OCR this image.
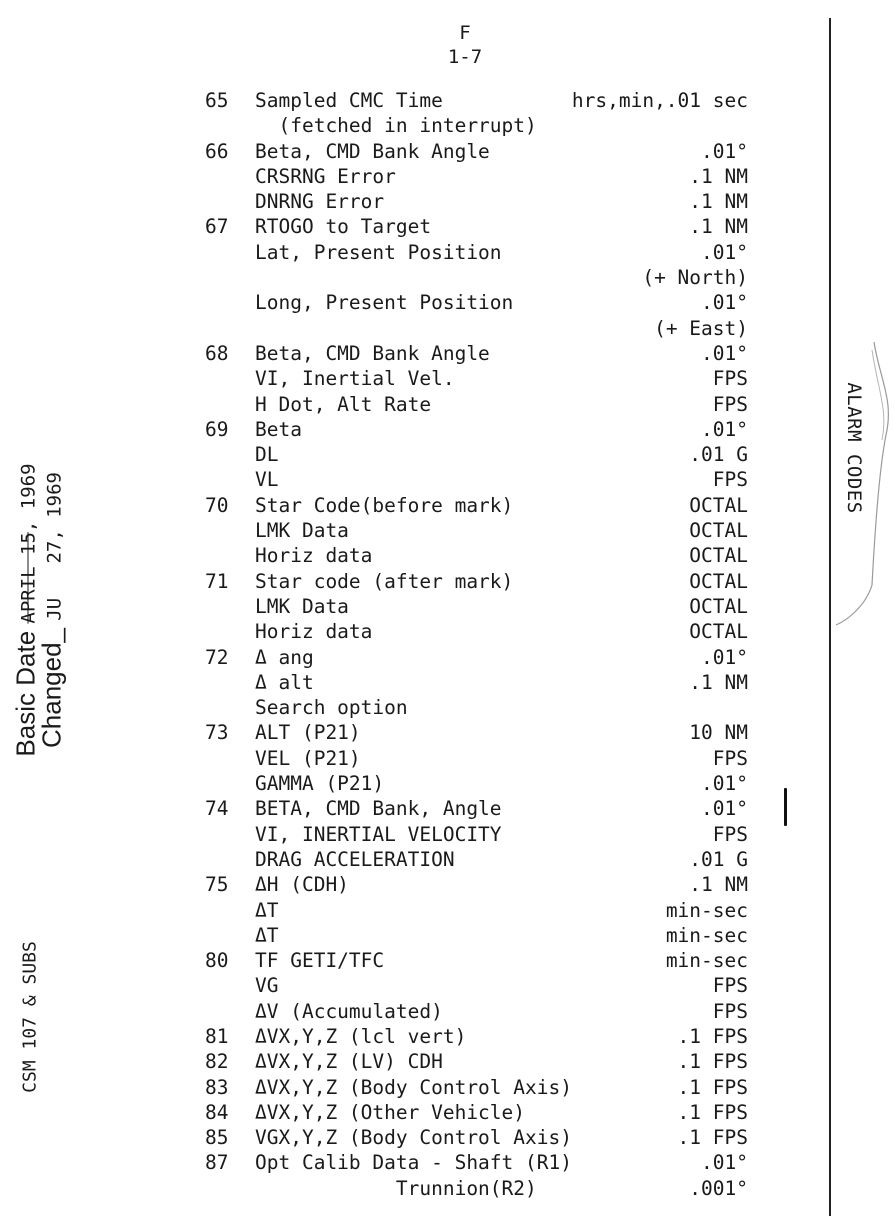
F
1-7
65	Sampled CMC Time	hrs,min,.01 sec
(fetched in interrupt)
66	Beta, CMD Bank Angle	.01°
CRSRNG Error	.1 NM
DNRNG Error	.1 NM
67	RTOGO to Target	.1 NM
Lat, Present Position	.01°
(+ North)
Long, Present Position	.01°
(+ East)
68	Beta, CMD Bank Angle	.01°
VI, Inertial Vel.	FPS
H Dot, Alt Rate	FPS
69	Beta	.01°
DL	.01 G
VL	FPS
70	Star Code(before mark)	OCTAL
LMK Data	OCTAL
Horiz data	OCTAL
71	Star code (after mark)	OCTAL
LMK Data	OCTAL
Horiz data	OCTAL
72	Δ ang	.01°
Δ alt	.1 NM
Search option
73	ALT (P21)	10 NM
VEL (P21)	FPS
GAMMA (P21)	.01°
74	BETA, CMD Bank, Angle	.01°
VI, INERTIAL VELOCITY	FPS
DRAG ACCELERATION	.01 G
75	ΔH (CDH)	.1 NM
ΔT	min-sec
ΔT	min-sec
80	TF GETI/TFC	min-sec
VG	FPS
ΔV (Accumulated)	FPS
81	ΔVX,Y,Z (lcl vert)	.1 FPS
82	ΔVX,Y,Z (LV) CDH	.1 FPS
83	ΔVX,Y,Z (Body Control Axis)	.1 FPS
84	ΔVX,Y,Z (Other Vehicle)	.1 FPS
85	VGX,Y,Z (Body Control Axis)	.1 FPS
87	Opt Calib Data - Shaft (R1)	.01°
Trunnion(R2)	.001°
ALARM CODES
Basic Date APRIL 15, 1969
Changed_ JU   27, 1969
CSM 107 & SUBS
